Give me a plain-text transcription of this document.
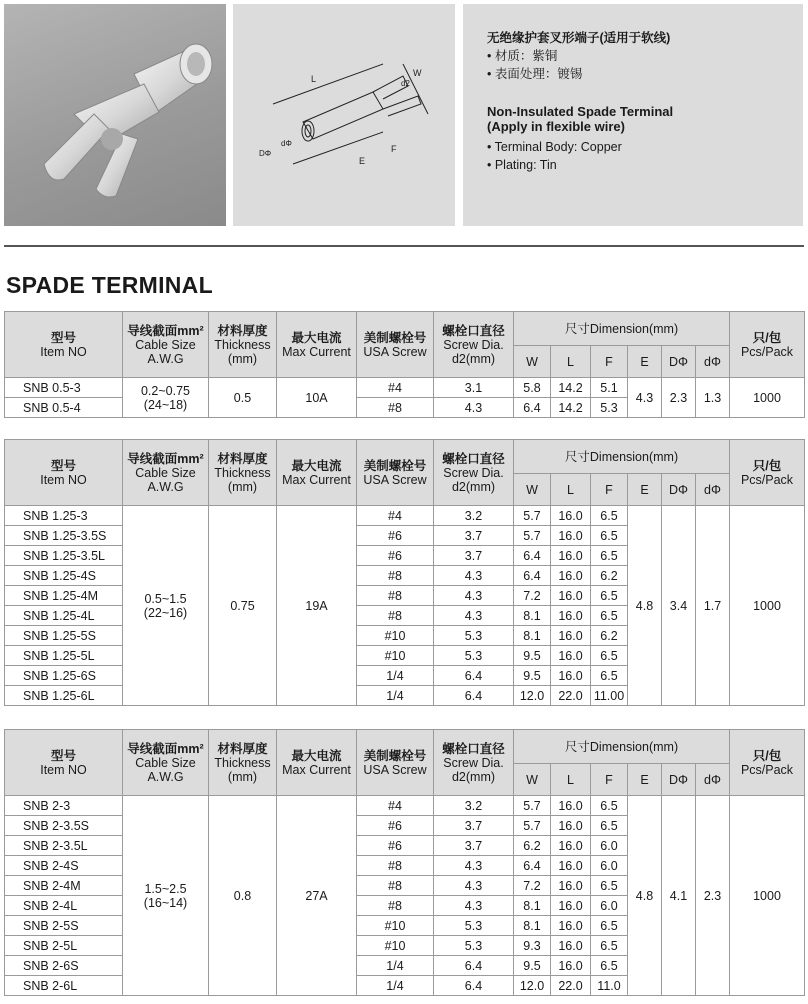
L
W
d2
dΦ
DΦ
E
F
无绝缘护套叉形端子(适用于软线)
• 材质：紫铜
• 表面处理：镀锡
Non-Insulated Spade Terminal
(Apply in flexible wire)
• Terminal Body: Copper
• Plating: Tin
SPADE TERMINAL
型号
Item NO	导线截面mm²
Cable Size
A.W.G	材料厚度
Thickness
(mm)	最大电流
Max Current	美制螺栓号
USA Screw	螺栓口直径
Screw Dia.
d2(mm)	尺寸Dimension(mm)						只/包
Pcs/Pack

						W	L	F	E	DΦ	dΦ	
SNB 0.5-3	0.2~0.75
(24~18)	0.5	10A	#4	3.1	5.8	14.2	5.1	4.3	2.3	1.3	1000
SNB 0.5-4				#8	4.3	6.4	14.2	5.3				
型号
Item NO	导线截面mm²
Cable Size
A.W.G	材料厚度
Thickness
(mm)	最大电流
Max Current	美制螺栓号
USA Screw	螺栓口直径
Screw Dia.
d2(mm)	尺寸Dimension(mm)						只/包
Pcs/Pack

						W	L	F	E	DΦ	dΦ	
SNB 1.25-3	0.5~1.5
(22~16)	0.75	19A	#4	3.2	5.7	16.0	6.5	4.8	3.4	1.7	1000
SNB 1.25-3.5S				#6	3.7	5.7	16.0	6.5				
SNB 1.25-3.5L				#6	3.7	6.4	16.0	6.5				
SNB 1.25-4S				#8	4.3	6.4	16.0	6.2				
SNB 1.25-4M				#8	4.3	7.2	16.0	6.5				
SNB 1.25-4L				#8	4.3	8.1	16.0	6.5				
SNB 1.25-5S				#10	5.3	8.1	16.0	6.2				
SNB 1.25-5L				#10	5.3	9.5	16.0	6.5				
SNB 1.25-6S				1/4	6.4	9.5	16.0	6.5				
SNB 1.25-6L				1/4	6.4	12.0	22.0	11.00				
型号
Item NO	导线截面mm²
Cable Size
A.W.G	材料厚度
Thickness
(mm)	最大电流
Max Current	美制螺栓号
USA Screw	螺栓口直径
Screw Dia.
d2(mm)	尺寸Dimension(mm)						只/包
Pcs/Pack

						W	L	F	E	DΦ	dΦ	
SNB 2-3	1.5~2.5
(16~14)	0.8	27A	#4	3.2	5.7	16.0	6.5	4.8	4.1	2.3	1000
SNB 2-3.5S				#6	3.7	5.7	16.0	6.5				
SNB 2-3.5L				#6	3.7	6.2	16.0	6.0				
SNB 2-4S				#8	4.3	6.4	16.0	6.0				
SNB 2-4M				#8	4.3	7.2	16.0	6.5				
SNB 2-4L				#8	4.3	8.1	16.0	6.0				
SNB 2-5S				#10	5.3	8.1	16.0	6.5				
SNB 2-5L				#10	5.3	9.3	16.0	6.5				
SNB 2-6S				1/4	6.4	9.5	16.0	6.5				
SNB 2-6L				1/4	6.4	12.0	22.0	11.0				
